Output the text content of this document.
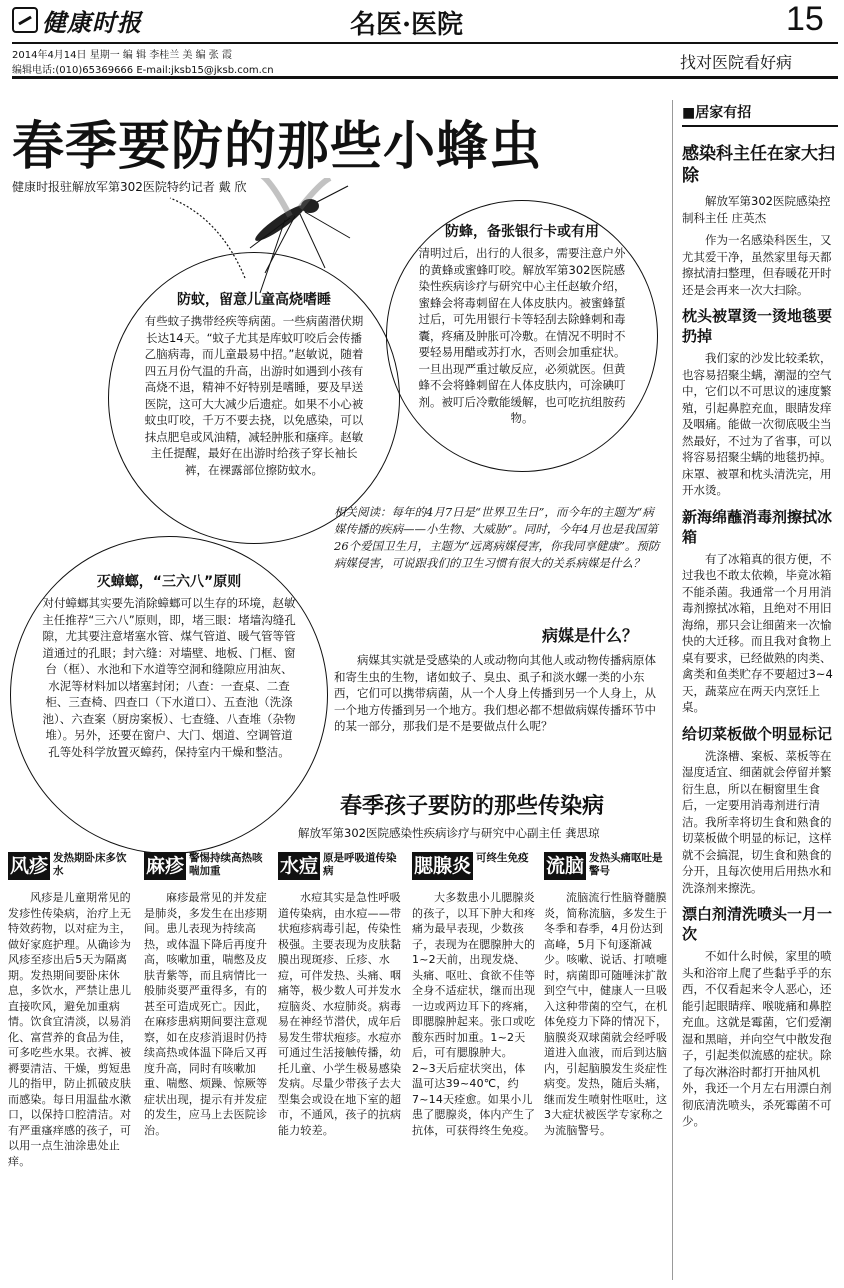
健康时报	名医·医院	15
2014年4月14日 星期一 编 辑 李桂兰 美 编 张 霞
编辑电话:(010)65369666 E-mail:jksb15@jksb.com.cn	找对医院看好病
春季要防的那些小蜂虫
健康时报驻解放军第302医院特约记者 戴 欣
防蚊，留意儿童高烧嗜睡
有些蚊子携带经疾等病菌。一些病菌潜伏期长达14天。“蚊子尤其是库蚊叮咬后会传播乙脑病毒，而儿童最易中招。”赵敏说，随着四五月份气温的升高，出游时如遇到小孩有高烧不退，精神不好特别是嗜睡，要及早送医院，这可大大减少后遗症。如果不小心被蚊虫叮咬，千万不要去挠，以免感染，可以抹点肥皂或风油精，减轻肿胀和瘙痒。赵敏主任提醒，最好在出游时给孩子穿长袖长裤，在裸露部位擦防蚊水。
防蜂，备张银行卡或有用
清明过后，出行的人很多，需要注意户外的黄蜂或蜜蜂叮咬。解放军第302医院感染性疾病诊疗与研究中心主任赵敏介绍，蜜蜂会将毒刺留在人体皮肤内。被蜜蜂蜇过后，可先用银行卡等轻刮去除蜂刺和毒囊，疼痛及肿胀可冷敷。在情况不明时不要轻易用醋或苏打水，否则会加重症状。一旦出现严重过敏反应，必须就医。但黄蜂不会将蜂刺留在人体皮肤内，可涂碘叮剂。被叮后冷敷能缓解，也可吃抗组胺药物。
灭蟑螂，“三六八”原则
对付蟑螂其实要先消除蟑螂可以生存的环境，赵敏主任推荐“三六八”原则，即，堵三眼：堵墙沟缝孔隙，尤其要注意堵塞水管、煤气管道、暖气管等管道通过的孔眼；封六缝：对墙壁、地板、门框、窗台（框）、水池和下水道等空洞和缝隙应用油灰、水泥等材料加以堵塞封闭；八查：一查桌、二查柜、三查椅、四查口（下水道口）、五查池（洗涤池）、六查案（厨房案板）、七查缝、八查堆（杂物堆）。另外，还要在窗户、大门、烟道、空调管道孔等处科学放置灭蟑药，保持室内干燥和整洁。
相关阅读：每年的4月7日是“世界卫生日”，而今年的主题为“病媒传播的疾病——小生物、大威胁”。同时，今年4月也是我国第26个爱国卫生月，主题为“远离病媒侵害，你我同享健康”。预防病媒侵害，可说跟我们的卫生习惯有很大的关系病媒是什么？
病媒是什么？

病媒其实就是受感染的人或动物向其他人或动物传播病原体和寄生虫的生物，诸如蚊子、臭虫、虱子和淡水螺一类的小东西，它们可以携带病菌，从一个人身上传播到另一个人身上，从一个地方传播到另一个地方。我们想必都不想做病媒传播环节中的某一部分，那我们是不是要做点什么呢？

春季孩子要防的那些传染病
解放军第302医院感染性疾病诊疗与研究中心副主任 龚思琼
风疹 发热期卧床多饮水

风疹是儿童期常见的发疹性传染病，治疗上无特效药物，以对症为主，做好家庭护理。从确诊为风疹至疹出后5天为隔离期。发热期间要卧床休息，多饮水，严禁让患儿直接吹风，避免加重病情。饮食宜清淡，以易消化、富营养的食品为佳，可多吃些水果。衣裤、被褥要清洁、干燥，剪短患儿的指甲，防止抓破皮肤而感染。每日用温盐水漱口，以保持口腔清洁。对有严重瘙痒感的孩子，可以用一点生油涂患处止痒。

麻疹 警惕持续高热咳喘加重

麻疹最常见的并发症是肺炎，多发生在出疹期间。患儿表现为持续高热，或体温下降后再度升高，咳嗽加重，喘憋及皮肤青紫等，而且病情比一般肺炎要严重得多，有的甚至可造成死亡。因此，在麻疹患病期间要注意观察，如在皮疹消退时仍持续高热或体温下降后又再度升高，同时有咳嗽加重、喘憋、烦躁、惊厥等症状出现，提示有并发症的发生，应马上去医院诊治。

水痘 原是呼吸道传染病

水痘其实是急性呼吸道传染病，由水痘——带状疱疹病毒引起，传染性极强。主要表现为皮肤黏膜出现斑疹、丘疹、水痘，可伴发热、头痛、咽痛等，极少数人可并发水痘脑炎、水痘肺炎。病毒易在神经节潜伏，成年后易发生带状疱疹。水痘亦可通过生活接触传播，幼托儿童、小学生极易感染发病。尽量少带孩子去大型集会或设在地下室的超市，不通风，孩子的抗病能力较差。

腮腺炎 可终生免疫

大多数患小儿腮腺炎的孩子，以耳下肿大和疼痛为最早表现，少数孩子，表现为在腮腺肿大的1~2天前，出现发烧、头痛、呕吐、食欲不佳等全身不适症状，继而出现一边或两边耳下的疼痛，即腮腺肿起来。张口或吃酸东西时加重。1~2天后，可有腮腺肿大。2~3天后症状突出，体温可达39~40℃，约7~14天痊愈。如果小儿患了腮腺炎，体内产生了抗体，可获得终生免疫。

流脑 发热头痛呕吐是警号

流脑流行性脑脊髓膜炎，简称流脑，多发生于冬季和春季，4月份达到高峰，5月下旬逐渐减少。咳嗽、说话、打喷嚏时，病菌即可随唾沫扩散到空气中，健康人一旦吸入这种带菌的空气，在机体免疫力下降的情况下，脑膜炎双球菌就会经呼吸道进入血液，而后到达脑内，引起脑膜发生炎症性病变。发热，随后头痛，继而发生喷射性呕吐，这3大症状被医学专家称之为流脑警号。

■居家有招
感染科主任在家大扫除

解放军第302医院感染控制科主任 庄英杰

作为一名感染科医生，又尤其爱干净，虽然家里每天都擦拭清扫整理，但春暖花开时还是会再来一次大扫除。

枕头被罩烫一烫地毯要扔掉

我们家的沙发比较柔软，也容易招聚尘螨，潮湿的空气中，它们以不可思议的速度繁殖，引起鼻腔充血，眼睛发痒及咽痛。能做一次彻底吸尘当然最好，不过为了省事，可以将容易招聚尘螨的地毯扔掉。床罩、被罩和枕头清洗完，用开水烫。

新海绵蘸消毒剂擦拭冰箱

有了冰箱真的很方便，不过我也不敢太依赖，毕竟冰箱不能杀菌。我通常一个月用消毒剂擦拭冰箱，且绝对不用旧海绵，那只会让细菌来一次愉快的大迁移。而且我对食物上桌有要求，已经做熟的肉类、禽类和鱼类贮存不要超过3~4天，蔬菜应在两天内烹饪上桌。

给切菜板做个明显标记

洗涤槽、案板、菜板等在湿度适宜、细菌就会停留并繁衍生息，所以在橱窗里生食后，一定要用消毒剂进行清洁。我所幸将切生食和熟食的切菜板做个明显的标记，这样就不会搞混，切生食和熟食的分开，且每次使用后用热水和洗涤剂来擦洗。

漂白剂清洗喷头一月一次

不如什么时候，家里的喷头和浴帘上爬了些黏乎乎的东西，不仅看起来令人恶心，还能引起眼睛痒、喉咙痛和鼻腔充血。这就是霉菌，它们爱潮湿和黑暗，并向空气中散发孢子，引起类似流感的症状。除了每次淋浴时都打开抽风机外，我还一个月左右用漂白剂彻底清洗喷头，杀死霉菌不可少。
